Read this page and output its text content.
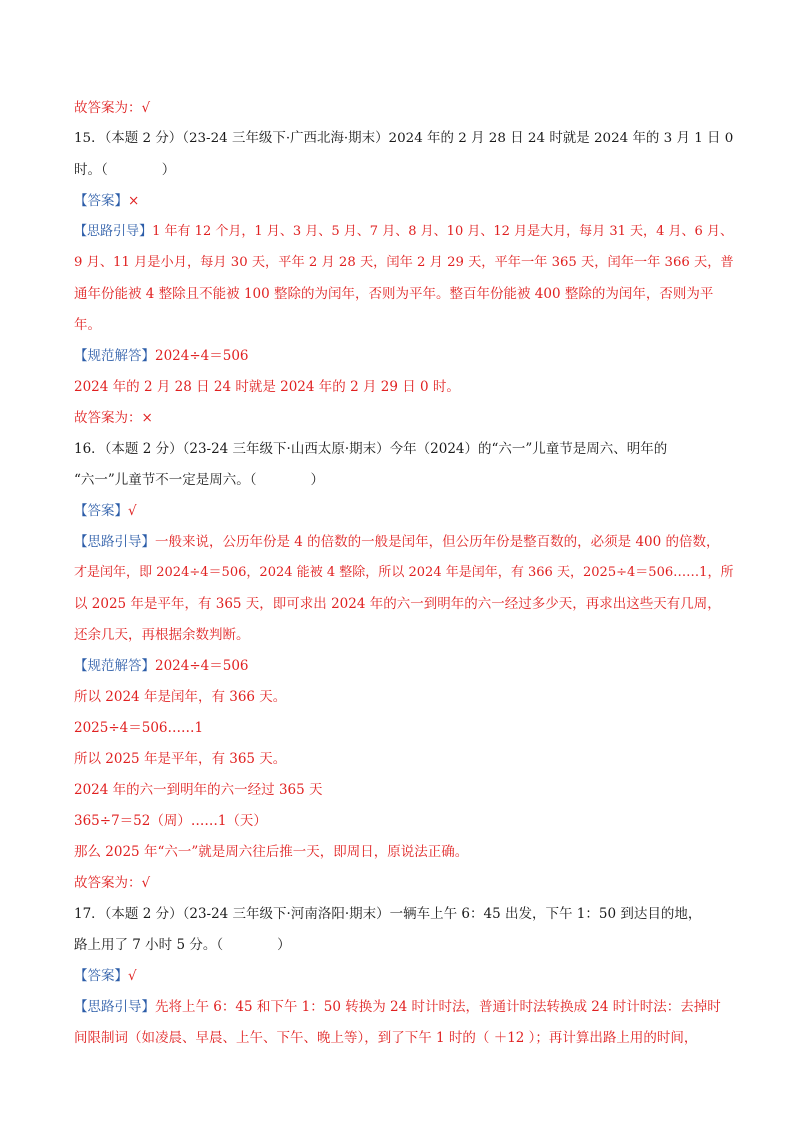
故答案为：√

15．（本题 2 分）（23-24 三年级下·广西北海·期末）2024 年的 2 月 28 日 24 时就是 2024 年的 3 月 1 日 0

时。（　　　　）

【答案】×

【思路引导】1 年有 12 个月，1 月、3 月、5 月、7 月、8 月、10 月、12 月是大月，每月 31 天，4 月、6 月、

9 月、11 月是小月，每月 30 天，平年 2 月 28 天，闰年 2 月 29 天，平年一年 365 天，闰年一年 366 天，普

通年份能被 4 整除且不能被 100 整除的为闰年，否则为平年。整百年份能被 400 整除的为闰年，否则为平

年。

【规范解答】2024÷4＝506

2024 年的 2 月 28 日 24 时就是 2024 年的 2 月 29 日 0 时。

故答案为：×

16．（本题 2 分）（23-24 三年级下·山西太原·期末）今年（2024）的“六一”儿童节是周六、明年的

“六一”儿童节不一定是周六。（　　　　）

【答案】√

【思路引导】一般来说，公历年份是 4 的倍数的一般是闰年，但公历年份是整百数的，必须是 400 的倍数，

才是闰年，即 2024÷4＝506，2024 能被 4 整除，所以 2024 年是闰年，有 366 天，2025÷4＝506……1，所

以 2025 年是平年，有 365 天，即可求出 2024 年的六一到明年的六一经过多少天，再求出这些天有几周，

还余几天，再根据余数判断。

【规范解答】2024÷4＝506

所以 2024 年是闰年，有 366 天。

2025÷4＝506……1

所以 2025 年是平年，有 365 天。

2024 年的六一到明年的六一经过 365 天

365÷7＝52（周）……1（天）

那么 2025 年“六一”就是周六往后推一天，即周日，原说法正确。

故答案为：√

17．（本题 2 分）（23-24 三年级下·河南洛阳·期末）一辆车上午 6：45 出发，下午 1：50 到达目的地，

路上用了 7 小时 5 分。（　　　　）

【答案】√

【思路引导】先将上午 6：45 和下午 1：50 转换为 24 时计时法，普通计时法转换成 24 时计时法：去掉时

间限制词（如凌晨、早晨、上午、下午、晚上等），到了下午 1 时的（ ＋12 ）；再计算出路上用的时间，
